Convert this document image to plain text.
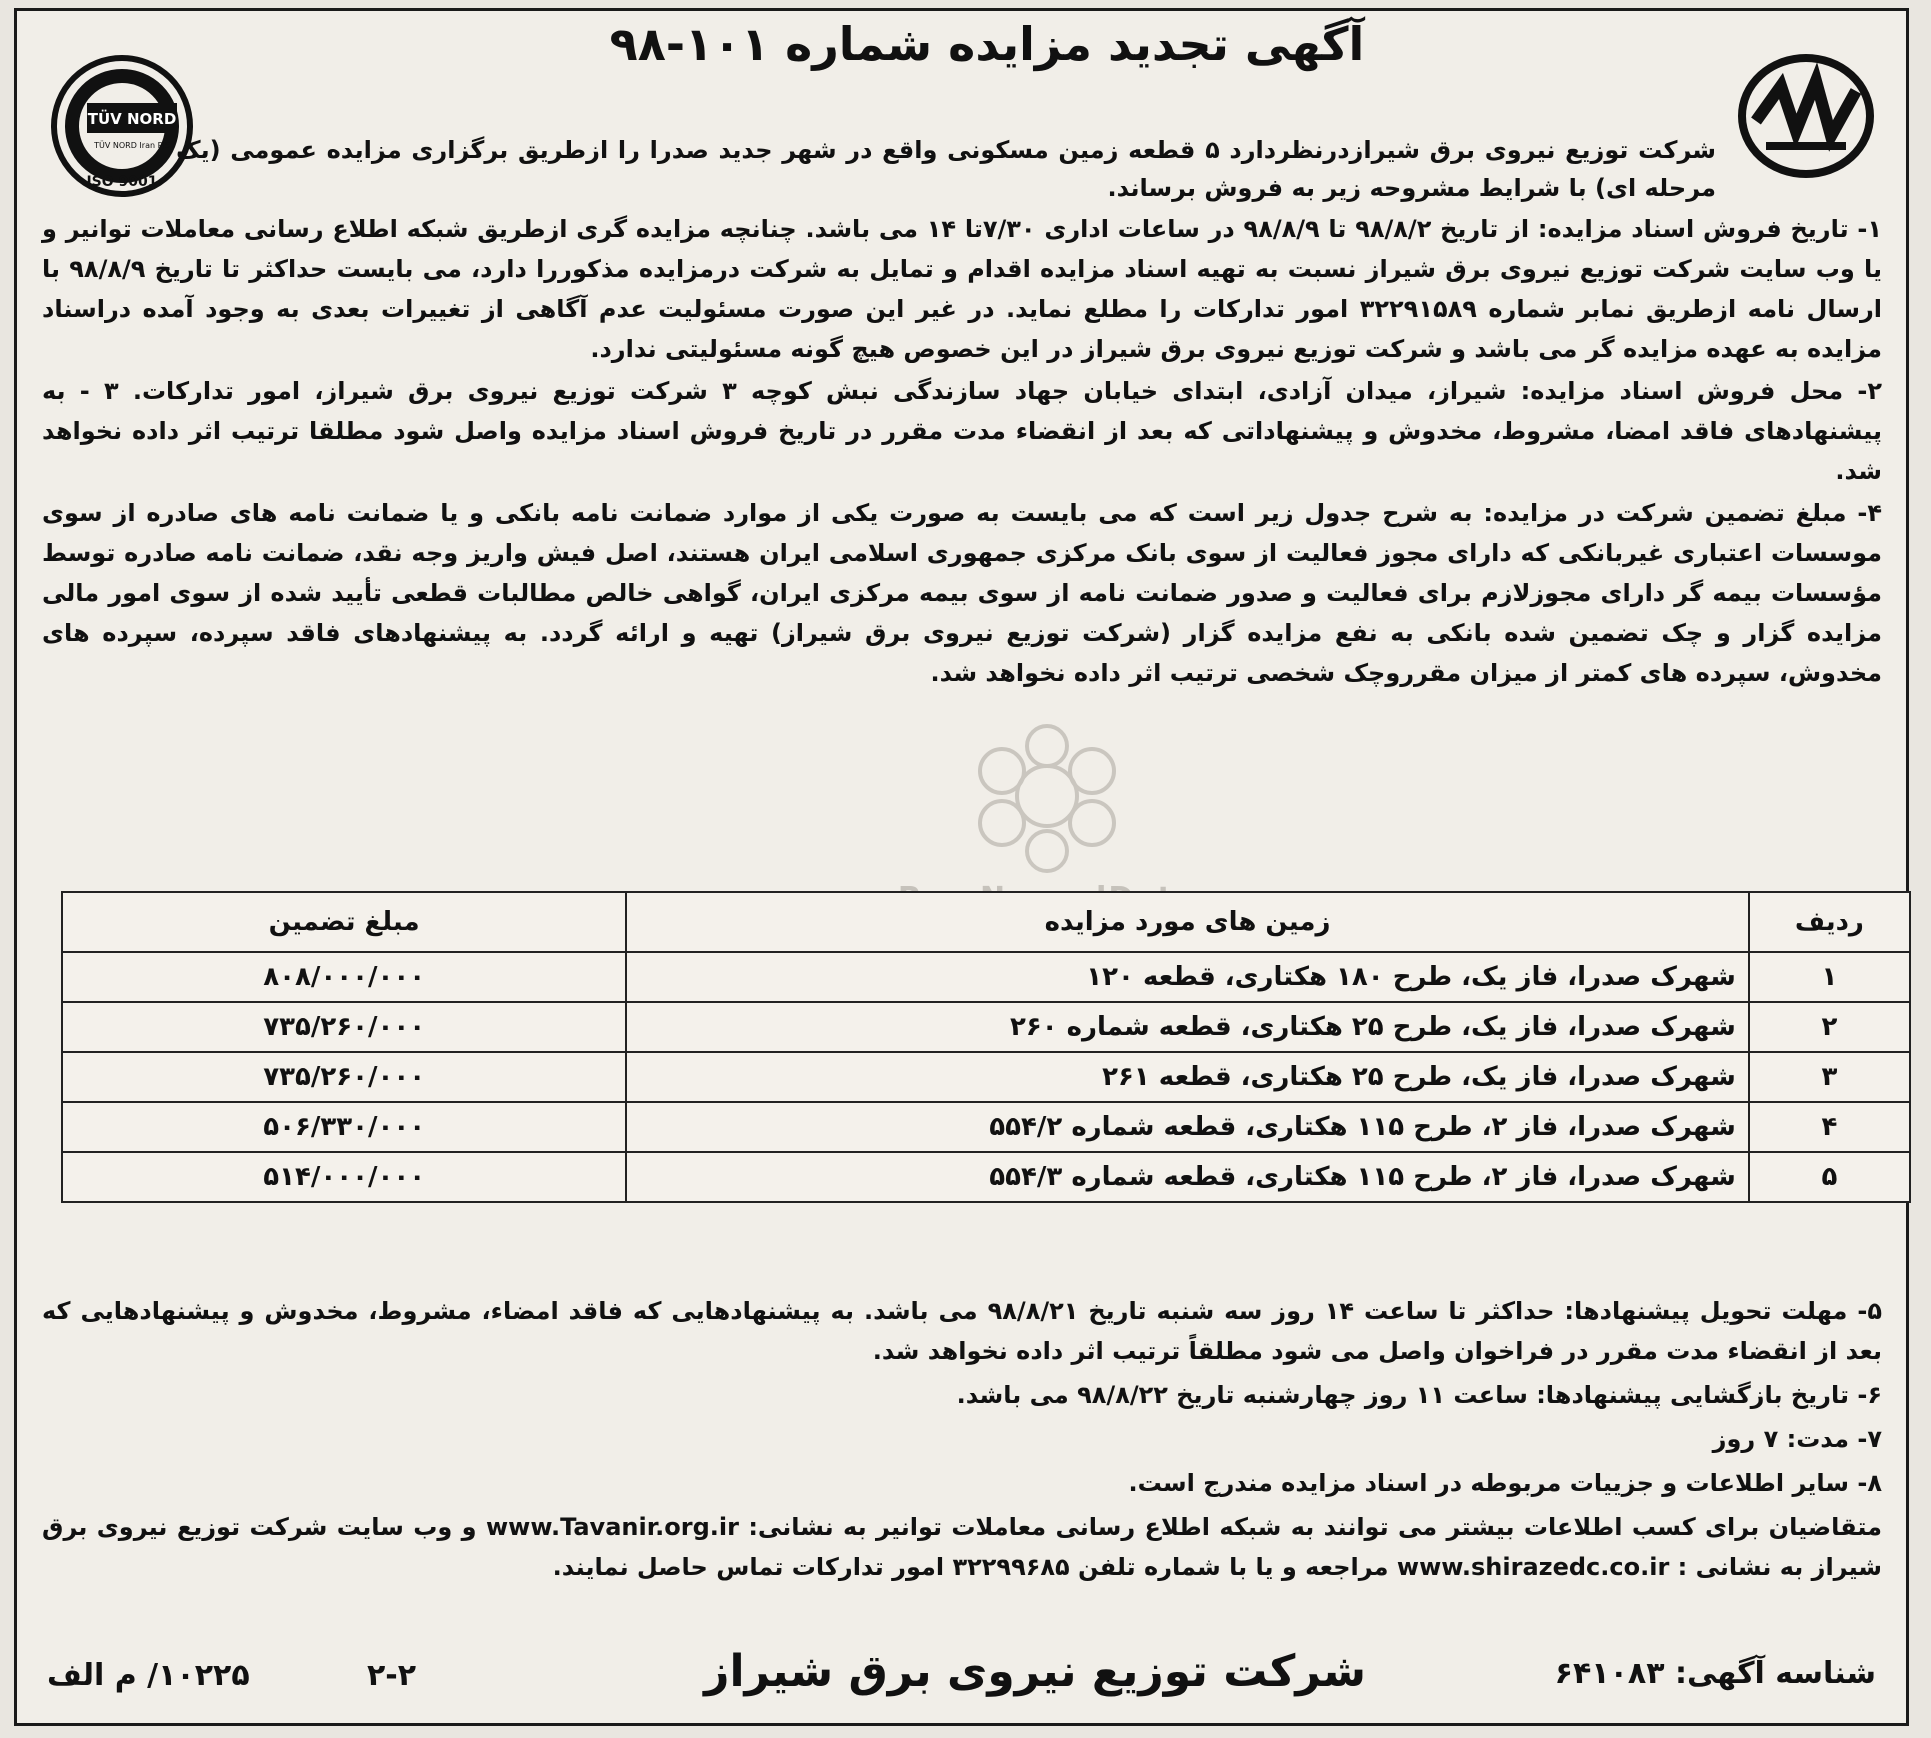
TÜV NORD
TÜV NORD Iran PJS
ISO 9001
آگهی تجدید مزایده شماره ۱۰۱-۹۸
شرکت توزیع نیروی برق شیرازدرنظردارد ۵ قطعه زمین مسکونی واقع در شهر جدید صدرا را ازطریق برگزاری مزایده عمومی (یک مرحله ای) با شرایط مشروحه زیر به فروش برساند.

۱- تاریخ فروش اسناد مزایده: از تاریخ ۹۸/۸/۲ تا ۹۸/۸/۹ در ساعات اداری ۷/۳۰تا ۱۴ می باشد. چنانچه مزایده گری ازطریق شبکه اطلاع رسانی معاملات توانیر و یا وب سایت شرکت توزیع نیروی برق شیراز نسبت به تهیه اسناد مزایده اقدام و تمایل به شرکت درمزایده مذکوررا دارد، می بایست حداکثر تا تاریخ ۹۸/۸/۹ با ارسال نامه ازطریق نمابر شماره ۳۲۲۹۱۵۸۹ امور تدارکات را مطلع نماید. در غیر این صورت مسئولیت عدم آگاهی از تغییرات بعدی به وجود آمده دراسناد مزایده به عهده مزایده گر می باشد و شرکت توزیع نیروی برق شیراز در این خصوص هیچ گونه مسئولیتی ندارد.

۲- محل فروش اسناد مزایده: شیراز، میدان آزادی، ابتدای خیابان جهاد سازندگی نبش کوچه ۳ شرکت توزیع نیروی برق شیراز، امور تدارکات. ۳ - به پیشنهادهای فاقد امضا، مشروط، مخدوش و پیشنهاداتی که بعد از انقضاء مدت مقرر در تاریخ فروش اسناد مزایده واصل شود مطلقا ترتیب اثر داده نخواهد شد.

۴- مبلغ تضمین شرکت در مزایده: به شرح جدول زیر است که می بایست به صورت یکی از موارد ضمانت نامه بانکی و یا ضمانت نامه های صادره از سوی موسسات اعتباری غیربانکی که دارای مجوز فعالیت از سوی بانک مرکزی جمهوری اسلامی ایران هستند، اصل فیش واریز وجه نقد، ضمانت نامه صادره توسط مؤسسات بیمه گر دارای مجوزلازم برای فعالیت و صدور ضمانت نامه از سوی بیمه مرکزی ایران، گواهی خالص مطالبات قطعی تأیید شده از سوی امور مالی مزایده گزار و چک تضمین شده بانکی به نفع مزایده گزار (شرکت توزیع نیروی برق شیراز) تهیه و ارائه گردد. به پیشنهادهای فاقد سپرده، سپرده های مخدوش، سپرده های کمتر از میزان مقرروچک شخصی ترتیب اثر داده نخواهد شد.

ردیف	زمین های مورد مزایده	مبلغ تضمین
۱	شهرک صدرا، فاز یک، طرح ۱۸۰ هکتاری، قطعه ۱۲۰	۸۰۸/۰۰۰/۰۰۰
۲	شهرک صدرا، فاز یک، طرح ۲۵ هکتاری، قطعه شماره ۲۶۰	۷۳۵/۲۶۰/۰۰۰
۳	شهرک صدرا، فاز یک، طرح ۲۵ هکتاری، قطعه ۲۶۱	۷۳۵/۲۶۰/۰۰۰
۴	شهرک صدرا، فاز ۲، طرح ۱۱۵ هکتاری، قطعه شماره ۵۵۴/۲	۵۰۶/۳۳۰/۰۰۰
۵	شهرک صدرا، فاز ۲، طرح ۱۱۵ هکتاری، قطعه شماره ۵۵۴/۳	۵۱۴/۰۰۰/۰۰۰

۵- مهلت تحویل پیشنهادها: حداکثر تا ساعت ۱۴ روز سه شنبه تاریخ ۹۸/۸/۲۱ می باشد. به پیشنهادهایی که فاقد امضاء، مشروط، مخدوش و پیشنهادهایی که بعد از انقضاء مدت مقرر در فراخوان واصل می شود مطلقاً ترتیب اثر داده نخواهد شد.

۶- تاریخ بازگشایی پیشنهادها: ساعت ۱۱ روز چهارشنبه تاریخ ۹۸/۸/۲۲ می باشد.

۷- مدت: ۷ روز

۸- سایر اطلاعات و جزییات مربوطه در اسناد مزایده مندرج است.

متقاضیان برای کسب اطلاعات بیشتر می توانند به شبکه اطلاع رسانی معاملات توانیر به نشانی: www.Tavanir.org.ir و وب سایت شرکت توزیع نیروی برق شیراز به نشانی : www.shirazedc.co.ir مراجعه و یا با شماره تلفن ۳۲۲۹۹۶۸۵ امور تدارکات تماس حاصل نمایند.

شناسه آگهی: ۶۴۱۰۸۳
شرکت توزیع نیروی برق شیراز
۲-۲
۱۰۲۲۵/ م الف
